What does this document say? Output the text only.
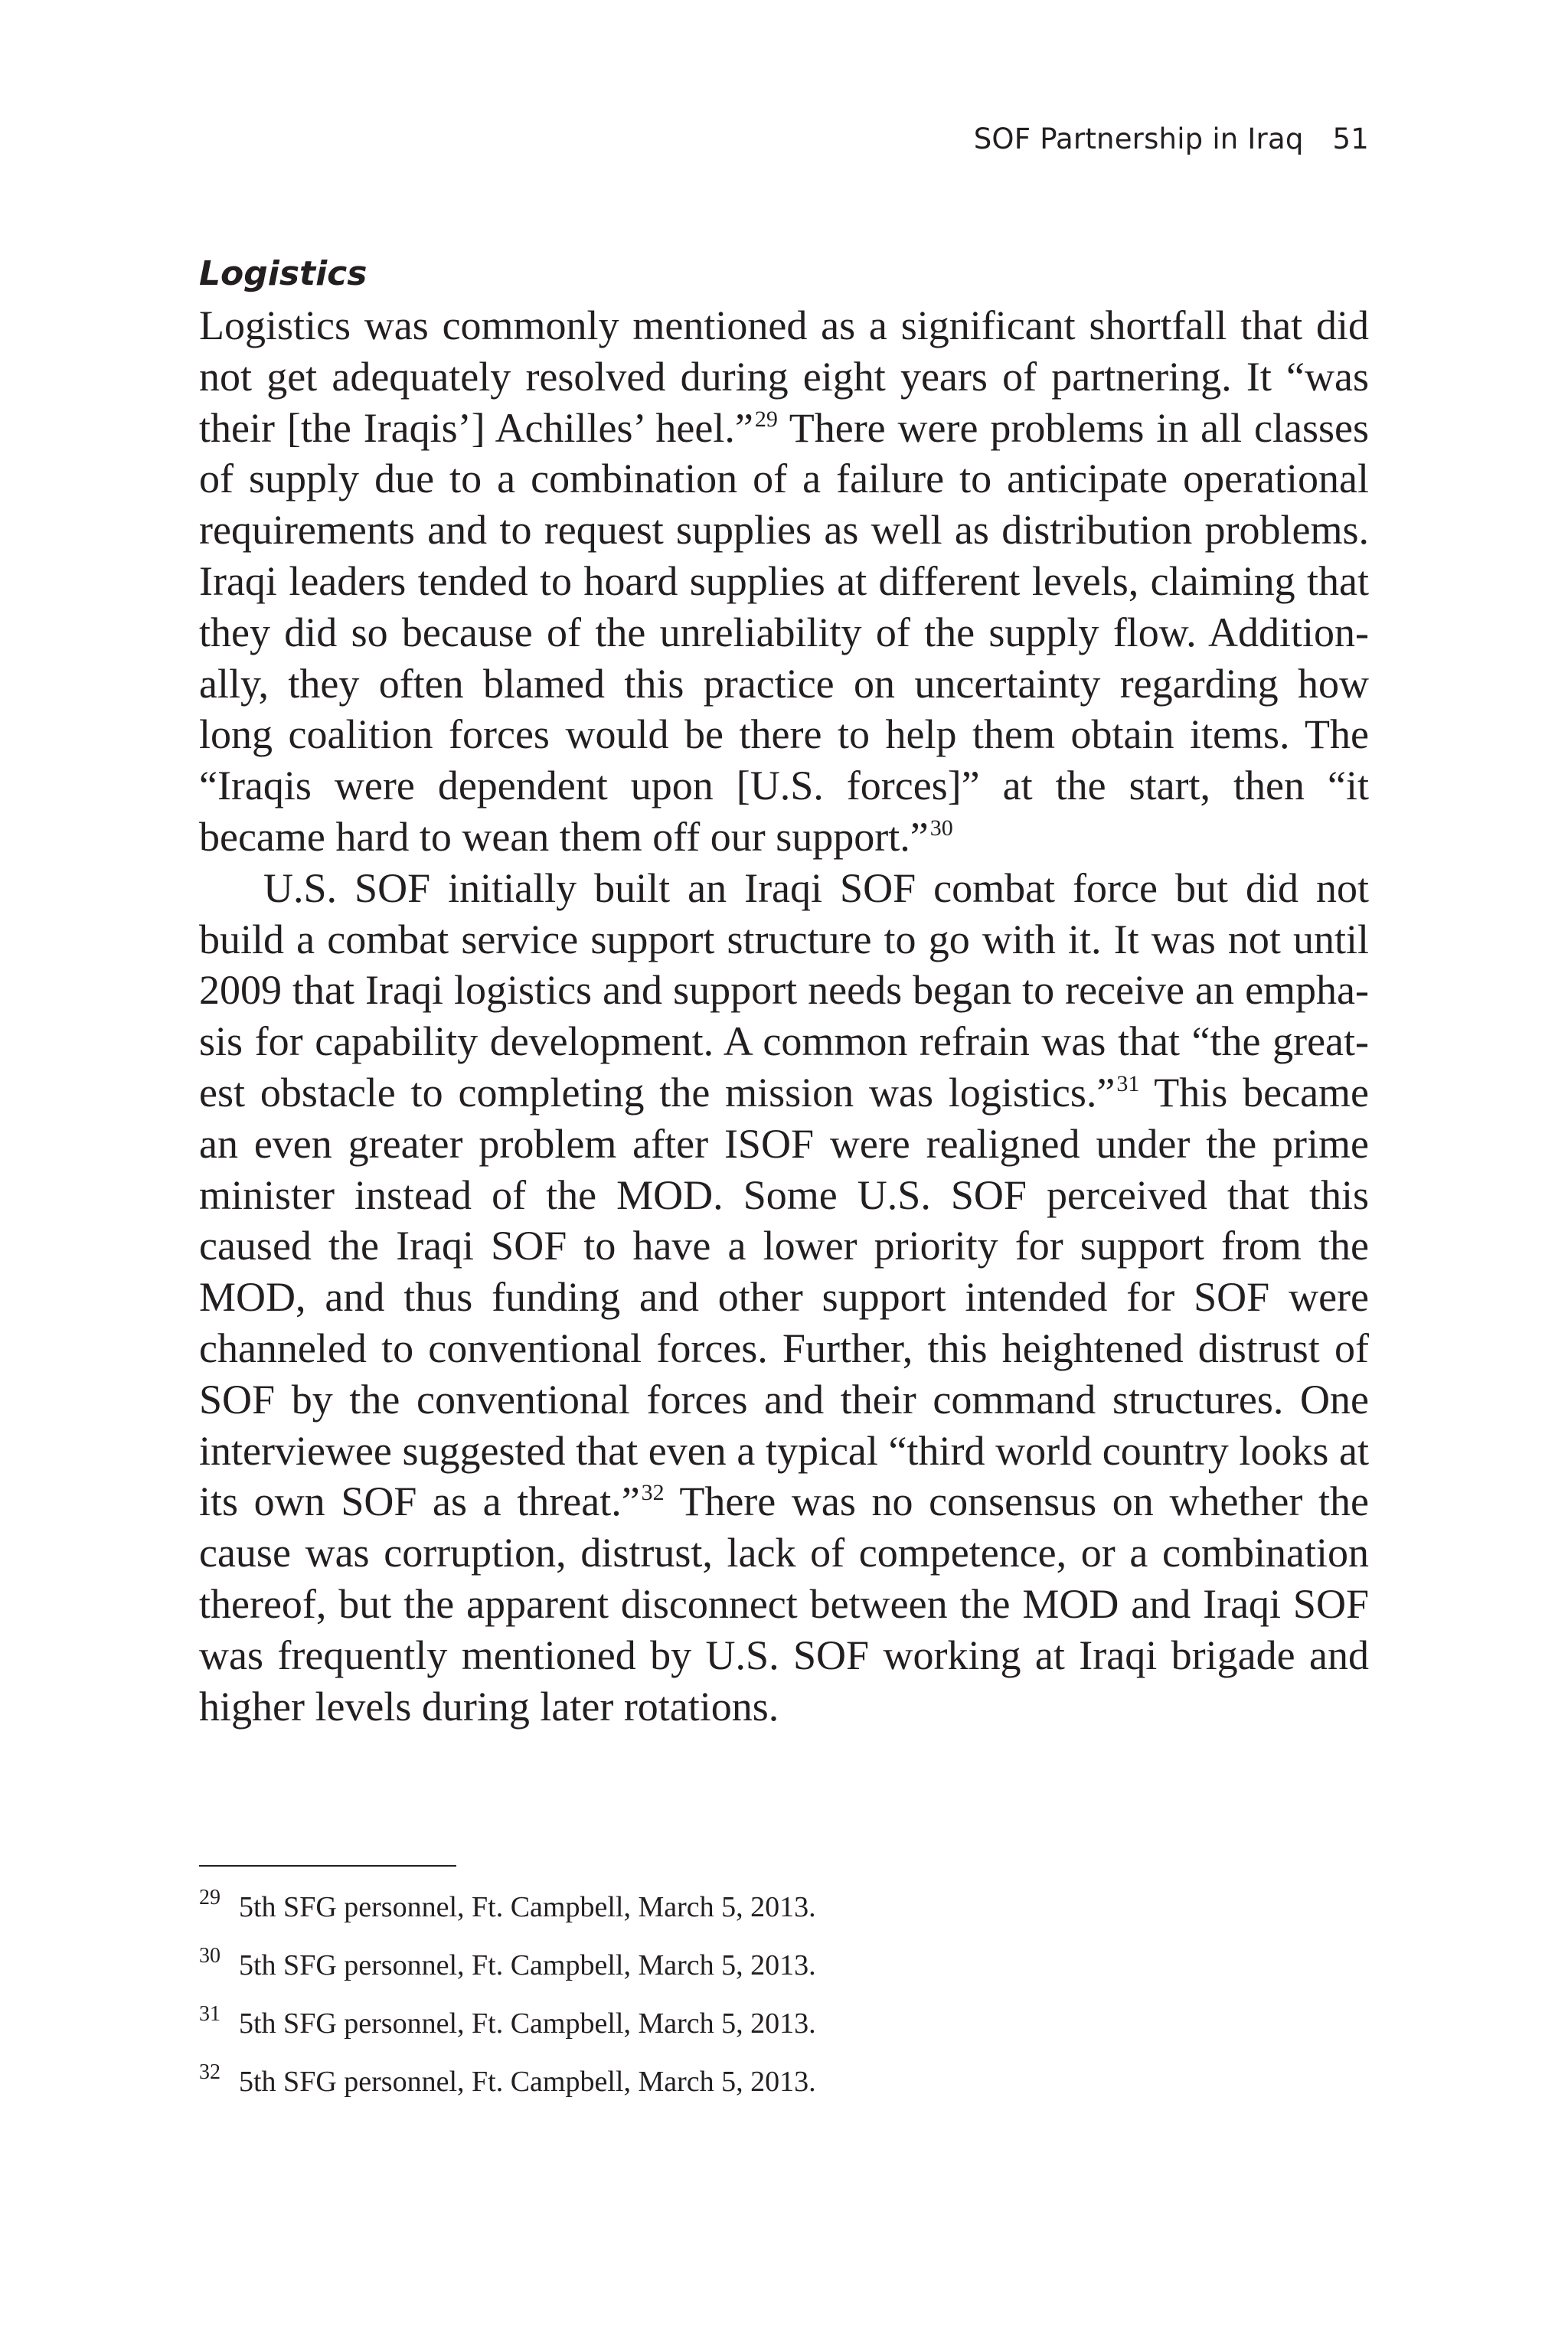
SOF Partnership in Iraq 51
Logistics

Logistics was commonly mentioned as a significant shortfall that did not get adequately resolved during eight years of partnering. It “was their [the Iraqis’] Achilles’ heel.”$^{29}$ There were problems in all classes of supply due to a combination of a failure to anticipate operational requirements and to request supplies as well as distribution problems. Iraqi leaders tended to hoard supplies at different levels, claiming that they did so because of the unreliability of the supply flow. Additionally, they often blamed this practice on uncertainty regarding how long coalition forces would be there to help them obtain items. The “Iraqis were dependent upon [U.S. forces]” at the start, then “it became hard to wean them off our support.”$^{30}$

U.S. SOF initially built an Iraqi SOF combat force but did not build a combat service support structure to go with it. It was not until 2009 that Iraqi logistics and support needs began to receive an emphasis for capability development. A common refrain was that “the greatest obstacle to completing the mission was logistics.”$^{31}$ This became an even greater problem after ISOF were realigned under the prime minister instead of the MOD. Some U.S. SOF perceived that this caused the Iraqi SOF to have a lower priority for support from the MOD, and thus funding and other support intended for SOF were channeled to conventional forces. Further, this heightened distrust of SOF by the conventional forces and their command structures. One interviewee suggested that even a typical “third world country looks at its own SOF as a threat.”$^{32}$ There was no consensus on whether the cause was corruption, distrust, lack of competence, or a combination thereof, but the apparent disconnect between the MOD and Iraqi SOF was frequently mentioned by U.S. SOF working at Iraqi brigade and higher levels during later rotations.

29 5th SFG personnel, Ft. Campbell, March 5, 2013.
30 5th SFG personnel, Ft. Campbell, March 5, 2013.
31 5th SFG personnel, Ft. Campbell, March 5, 2013.
32 5th SFG personnel, Ft. Campbell, March 5, 2013.
